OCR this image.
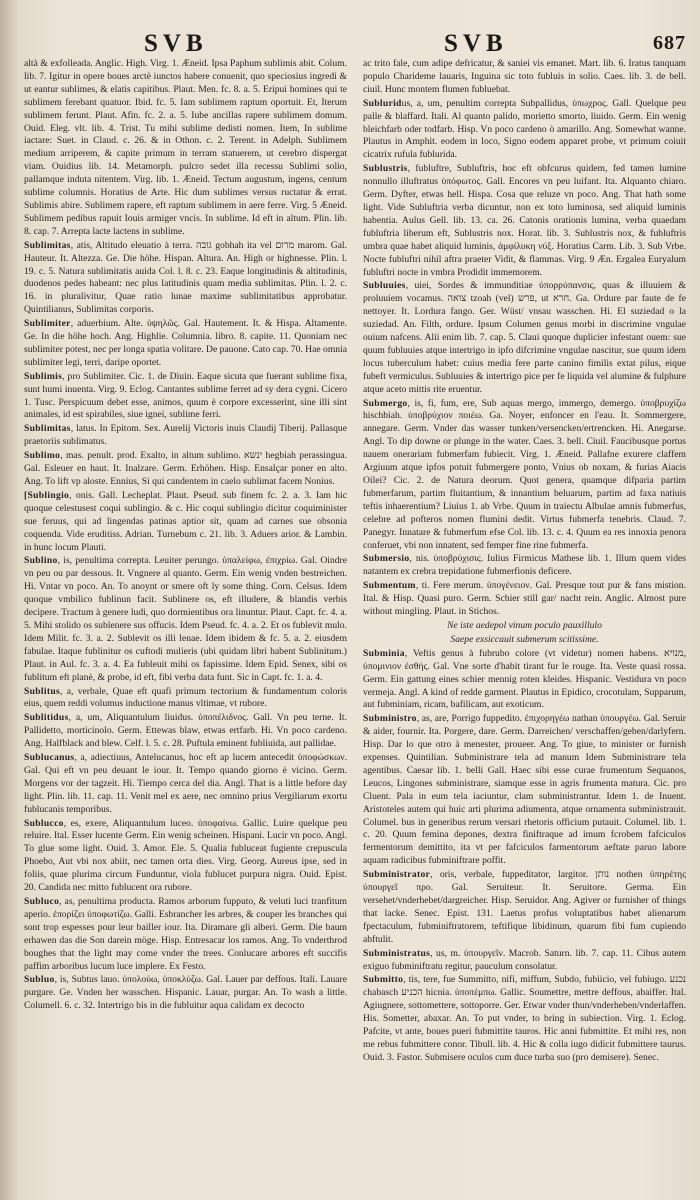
SVB	SVB	687

altà & exfolleada. Anglic. High. Virg. 1. Æneid. Ipsa Paphum sublimis abit. Colum. lib. 7. Igitur in opere boues arctè iunctos habere conuenit, quo speciosius ingredi & ut eantur sublimes, & elatis capitibus. Plaut. Men. fc. 8. a. 5. Eripui homines qui te sublimem ferebant quatuor. Ibid. fc. 5. Iam sublimem raptum oportuit. Et, Iterum sublimem ferunt. Plaut. Afin. fc. 2. a. 5. Iube ancillas rapere sublimem domum. Ouid. Eleg. vlt. lib. 4. Trist. Tu mihi sublime dedisti nomen. Item, In sublime iactare: Suet. in Claud. c. 26. & in Othon. c. 2. Terent. in Adelph. Sublimem medium arriperem, & capite primum in terram statuerem, ut cerebro dispergat viam. Ouidius lib. 14. Metamorph. pulcro sedet illa recessu Sublimi solio, pallamque induta nitentem. Virg. lib. 1. Æneid. Tectum augustum, ingens, centum sublime columnis. Horatius de Arte. Hic dum sublimes versus ructatur & errat. Sublimis abire. Sublimem rapere, eft raptum sublimem in aere ferre. Virg. 5 Æneid. Sublimem pedibus rapuit Iouis armiger vncis. In sublime. Id eft in altum. Plin. lib. 8. cap. 7. Arrepta lacte lactens in sublime.

Sublimitas, atis, Altitudo eleuatio à terra. גובה gobhah ita vel מרום marom. Gal. Hauteur. It. Altezza. Ge. Die höhe. Hispan. Altura. An. High or highnesse. Plin. l. 19. c. 5. Natura sublimitatis auida Col. l. 8. c. 23. Eaque longitudinis & altitudinis, duodenos pedes habeant: nec plus latitudinis quam media sublimitas. Plin. l. 2. c. 16. in pluralivitur, Quae ratio lunae maxime sublimitatibus approbatur. Quintilianus, Sublimitas corporis.

Sublimiter, aduerbium. Alte. ὑψηλῶς. Gal. Hautement. It. & Hispa. Altamente. Ge. In die höhe hoch. Ang. Highlie. Columnia. libro. 8. capite. 11. Quoniam nec sublimiter potest, nec per longa spatia volitare. De pauone. Cato cap. 70. Hae omnia sublimiter legi, terri, daripe oportet.

Sublimis, pro Sublimiter. Cic. 1. de Diuin. Eaque sicuta que fuerant sublime fixa, sunt humi inuenta. Virg. 9. Eclog. Cantantes sublime ferret ad sy dera cygni. Cicero 1. Tusc. Perspicuum debet esse, animos, quum è corpore excesserint, sine illi sint animales, id est spirabiles, siue ignei, sublime ferri.

Sublimitas, latus. In Epitom. Sex. Aurelij Victoris inuis Claudij Tiberij. Pallasque praetoriis sublimatus.

Sublimo, mas. penult. prod. Exalto, in altum sublimo. ינשא hegbiah perassingua. Gal. Esleuer en haut. It. Inalzare. Germ. Erhöhen. Hisp. Ensalçar poner en alto. Ang. To lift vp aloste. Ennius, Si qui candentem in caelo sublimat facem Nonius.

[Sublingio, onis. Gall. Lecheplat. Plaut. Pseud. sub finem fc. 2. a. 3. Iam hic quoque celestusest coqui sublingio. & c. Hic coqui sublingio dicitur coquiminister sue feruus, qui ad lingendas patinas aptior sit, quam ad carnes sue obsonia coquenda. Vide eruditiss. Adrian. Turnebum c. 21. lib. 3. Aduers arior. & Lambin. in hunc locum Plauti.

Sublino, is, penultima correpta. Leuiter perungo. ὑπαλείφω, ἐπιχρίω. Gal. Oindre vn peu ou par dessous. It. Vngnere al quanto. Germ. Ein wenig vnden bestreichen. Hi. Vntar vn poco. An. To anoynt or smere oft ly some thing. Corn. Celsus. Idem quoque vmbilico fublinun facit. Sublinere os, eft illudere, & blandis verbis decipere. Tractum à genere ludi, quo dormientibus ora linuntur. Plaut. Capt. fc. 4. a. 5. Mihi stolido os sublenere sus offucis. Idem Pseud. fc. 4. a. 2. Et os fublevit mulo. Idem Milit. fc. 3. a. 2. Sublevit os illi lenae. Idem ibidem & fc. 5. a. 2. eiusdem fabulae. Itaque fublinitur os cuftodi mulieris (ubi quidam libri habent Sublinitum.) Plaut. in Aul. fc. 3. a. 4. Ea fubleuit mihi os fapissime. Idem Epid. Senex, sibi os fublitum eft planè, & probe, id eft, fibi verba data funt. Sic in Capt. fc. 1. a. 4.

Sublitus, a, verbale, Quae eft quafi primum tectorium & fundamentum coloris eius, quem reddi volumus inductione manus vltimae, vt rubore.

Sublitidus, a, um, Aliquantulum liuidus. ὑποπέλιδνος. Gall. Vn peu terne. It. Pallidetto, morticinolo. Germ. Ettewas blaw, etwas ertfarb. Hi. Vn poco cardeno. Ang. Halfblack and blew. Celf. l. 5. c. 28. Puftula eminent fubliuida, aut pallidae.

Sublucanus, a, adiectiuus, Antelucanus, hoc eft ap lucem antecedit ὑποφώσκων. Gal. Qui eft vn peu deuant le iour. It. Tempo quando giorno è vicino. Germ. Morgens vor der tagzeit. Hi. Tiempo cerca del dia. Angl. That is a little before day light. Plin. lib. 11. cap. 11. Venit mel ex aere, nec omnino prius Vergiliarum exortu fublucanis temporibus.

Sublucco, es, exere, Aliquantulum luceo. ὑποφαίνω. Gallic. Luire quelque peu reluire. Ital. Esser lucente Germ. Ein wenig scheinen. Hispani. Lucir vn poco. Angl. To glue some light. Ouid. 3. Amor. Ele. 5. Qualia fubluceat fugiente crepuscula Phoebo, Aut vbi nox abiit, nec tamen orta dies. Virg. Georg. Aureus ipse, sed in foliis, quae plurima circum Funduntur, viola fublucet purpura nigra. Ouid. Epist. 20. Candida nec mitto fublucent ora rubore.

Subluco, as, penultima producta. Ramos arborum fupputo, & veluti luci tranfitum aperio. ἐπορίζει ὑποφωτίζω. Galli. Esbrancher les arbres, & couper les branches qui sont trop espesses pour leur bailler iour. Ita. Diramare gli alberi. Germ. Die baum erhawen das die Son darein möge. Hisp. Entresacar los ramos. Ang. To vnderthrod boughes that the light may come vnder the trees. Conlucare arbores eft succifis paffim arboribus lucum luce implere. Ex Festo.

Subluo, is, Subtus lauo. ὑπολούω, ὑποκλύζω. Gal. Lauer par deffous. Itali. Lauare purgare. Ge. Vnden her wasschen. Hispanic. Lauar, purgar. An. To wash a little. Columell. 6. c. 32. Intertrigo bis in die fubluitur aqua calidam ex decocto

ac trito fale, cum adipe defricatur, & saniei vis emanet. Mart. lib. 6. Iratus tanquam populo Charideme lauaris, Inguina sic toto fubluis in solio. Caes. lib. 3. de bell. ciuil. Hunc montem flumen fubluebat.

Subluridus, a, um, penultim correpta Subpallidus, ὑπωχρος. Gall. Quelque peu palle & blaffard. Itali. Al quanto palido, morietto smorto, liuido. Germ. Ein wenig bleichfarb oder todfarb. Hisp. Vn poco cardeno ò amarillo. Ang. Somewhat wanne. Plautus in Amphit. eodem in loco, Signo eodem apparet probe, vt primum coiuit cicatrix rufula fublurida.

Sublustris, fubluftre, Subluftris, hoc eft obfcurus quidem, fed tamen lumine nonnullo illuftratus ὑπόφωτος. Gall. Encores vn peu luifant. Ita. Alquanto chiaro. Germ. Dyfter, etwas hell. Hispa. Cosa que reluze vn poco. Ang. That hath some light. Vide Subluftria verba dicuntur, non ex toto luminosa, sed aliquid luminis habentia. Aulus Gell. lib. 13. ca. 26. Catonis orationis lumina, verba quaedam fubluftria liberum eft, Sublustris nox. Horat. lib. 3. Sublustris nox, & fubluftris umbra quae habet aliquid luminis, ἀμφίλυκη νύξ. Horatius Carm. Lib. 3. Sub Vrbe. Nocte fubluftri nihil aftra praeter Vidit, & flammas. Virg. 9 Æn. Ergalea Euryalum fubluftri nocte in vmbra Prodidit immemorem.

Subluuies, uiei, Sordes & immunditiae ὑπορρύπανσις, quas & illuuiem & proluuiem vocamus. צואה tzoah (vel) פרש, ut חרא. Ga. Ordure par faute de fe nettoyer. It. Lordura fango. Ger. Wüst/ vnsau wasschen. Hi. El suziedad o la suziedad. An. Filth, ordure. Ipsum Columen genus morbi in discrimine vngulae ouium nafcens. Alii enim lib. 7. cap. 5. Claui quoque duplicier infestant ouem: sue quum fubluuies atque intertrigo in ipfo difcrimine vngulae nascitur, sue quum idem locus tuberculum habet: cuius media fere parte canino fimilis extat pilus, eique fubeft vermiculus. Subluuies & intertrigo pice per fe liquida vel alumine & fulphure atque aceto mittis rite eruentur.

Submergo, is, fi, fum, ere, Sub aquas mergo, immergo, demergo. ὑποβρυχίζω hischbiah. ὑποβρύχιον ποιέω. Ga. Noyer, enfoncer en l'eau. It. Sommergere, annegare. Germ. Vnder das wasser tunken/versencken/ertrencken. Hi. Anegarse. Angl. To dip downe or plunge in the water. Caes. 3. bell. Ciuil. Faucibusque portus nauem onerariam fubmerfam fubiecit. Virg. 1. Æneid. Pallafne exurere claffem Argiuum atque ipfos potuit fubmergere ponto, Vnius ob noxam, & furias Aiacis Oilei? Cic. 2. de Natura deorum. Quot genera, quamque difparia partim fubmerfarum, partim fluitantium, & innantium beluarum, partim ad faxa natiuis teftis inhaerentium? Liuius 1. ab Vrbe. Quum in traiectu Albulae amnis fubmerfus, celebre ad pofteros nomen flumini dedit. Virtus fubmerfa tenebris. Claud. 7. Panegyr. Innatare & fubmerfum efse Col. lib. 13. c. 4. Quum ea res innoxia penora conferuet, vbi non innatent, sed femper fine rine fubmerfa.

Submersio, nis. ὑποβρύχισις. Iulius Firmicus Mathese lib. 1. Illum quem vides natantem ex crebra trepidatione fubmerfionis deficere.

Submentum, ti. Fere merum. ὑπογένειον. Gal. Presque tout pur & fans mistion. Ital. & Hisp. Quasi puro. Germ. Schier still gar/ nacht rein. Anglic. Almost pure without mingling. Plaut. in Stichos.

Ne iste aedepol vinum poculo pauxillulo
Saepe exsiccauit submerum scitissime.

Subminia, Veftis genus à fubrubo colore (vt videtur) nomen habens. מנויא, ὑπομινιον ἐσθής. Gal. Vne sorte d'habit tirant fur le rouge. Ita. Veste quasi rossa. Germ. Ein gattung eines schier mennig roten kleides. Hispanic. Vestidura vn poco vermeja. Angl. A kind of redde garment. Plautus in Epidico, crocotulam, Supparum, aut fubminiam, ricam, bafilicam, aut exoticum.

Subministro, as, are, Porrigo fuppedito. ἐπιχορηγέω nathan ὑπουργέω. Gal. Seruir & aider, fournir. Ita. Porgere, dare. Germ. Darreichen/ verschaffen/geben/darlyfern. Hisp. Dar lo que otro à menester, proueer. Ang. To giue, to minister or furnish expenses. Quintilian. Subministrare tela ad manum Idem Subministrare tela agentibus. Caesar lib. 1. belli Gall. Haec sibi esse curae frumentum Sequanos, Leucos, Lingones subministrare, siamque esse in agris frumenta matura. Cic. pro Cluent. Pala in eum tela iaciuntur, clam subministrantur. Idem 1. de Inuent. Aristoteles autem qui huic arti plurima adiumenta, atque ornamenta subministrauit. Columel. bus in generibus rerum versari rhetoris officium putauit. Columel. lib. 1. c. 20. Quum femina depones, dextra finiftraque ad imum fcrobem fafciculos fermentorum demittito, ita vt per fafciculos farmentorum aeftate paruo labore aquam radicibus fubminiftrare poffit.

Subministrator, oris, verbale, fuppeditator, largitor. נותן nothen ὑπηρέτης ὑπουργεῖ προ. Gal. Seruiteur. It. Seruitore. Germa. Ein versehet/vnderhebet/dargreicher. Hisp. Seruidor. Ang. Agiver or furnisher of things that lacke. Senec. Epist. 131. Laetus profus voluptatibus habet alienarum fpectaculum, fubminiftratorem, teftifique libidinum, quarum fibi fum cupiendo abftulit.

Subministratus, us, m. ὑπουργεῖν. Macrob. Saturn. lib. 7. cap. 11. Cibus autem exiguo fubminiftratu regitur, pauculum consolatur.

Submitto, tis, tere, fue Summitto, nifi, miffum, Subdo, fubiicio, vel fubiugo. נכנע chabasch הכניע hicnia. ὑποπέμπω. Gallic. Soumettre, mettre deffous, abaiffer. Ital. Agiugnere, sottomettere, sottoporre. Ger. Etwar vnder thun/vnderheben/vnderlaffen. His. Sometter, abaxar. An. To put vnder, to bring in subiection. Virg. 1. Eclog. Pafcite, vt ante, boues pueri fubmittite tauros. Hic anni fubmittite. Et mihi res, non me rebus fubmittere conor. Tibull. lib. 4. Hic & colla iugo didicit fubmittere taurus. Ouid. 3. Fastor. Submisere oculos cum duce turba suo (pro demisere). Senec.
